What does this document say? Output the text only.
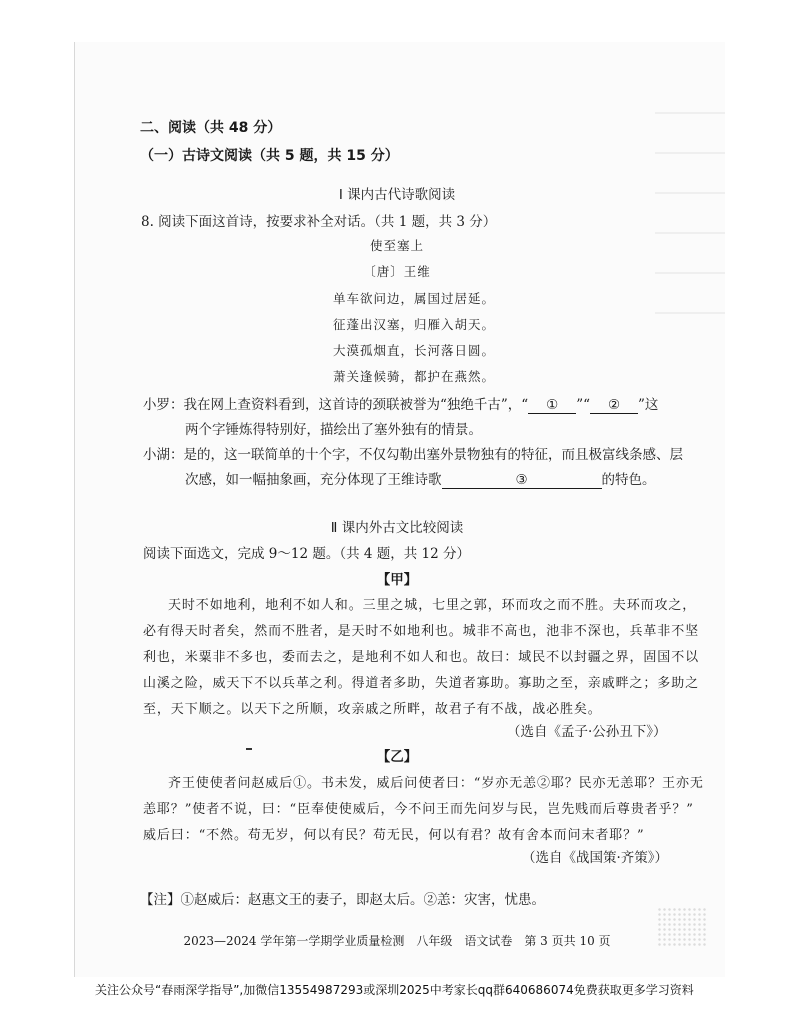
二、阅读（共 48 分）
（一）古诗文阅读（共 5 题，共 15 分）
Ⅰ 课内古代诗歌阅读
8. 阅读下面这首诗，按要求补全对话。（共 1 题，共 3 分）
使至塞上
〔唐〕王维
单车欲问边，属国过居延。
征蓬出汉塞，归雁入胡天。
大漠孤烟直，长河落日圆。
萧关逢候骑，都护在燕然。
小罗：我在网上查资料看到，这首诗的颈联被誉为“独绝千古”，“ ① ”“ ② ”这
两个字锤炼得特别好，描绘出了塞外独有的情景。
小湖：是的，这一联简单的十个字，不仅勾勒出塞外景物独有的特征，而且极富线条感、层
次感，如一幅抽象画，充分体现了王维诗歌	③	的特色。
Ⅱ 课内外古文比较阅读
阅读下面选文，完成 9～12 题。（共 4 题，共 12 分）
【甲】
天时不如地利，地利不如人和。三里之城，七里之郭，环而攻之而不胜。夫环而攻之，
必有得天时者矣，然而不胜者，是天时不如地利也。城非不高也，池非不深也，兵革非不坚
利也，米粟非不多也，委而去之，是地利不如人和也。故曰：域民不以封疆之界，固国不以
山溪之险，威天下不以兵革之利。得道者多助，失道者寡助。寡助之至，亲戚畔之；多助之
至，天下顺之。以天下之所顺，攻亲戚之所畔，故君子有不战，战必胜矣。
（选自《孟子·公孙丑下》）
【乙】
齐王使使者问赵威后①。书未发，威后问使者曰：“岁亦无恙②耶？民亦无恙耶？王亦无
恙耶？”使者不说，曰：“臣奉使使威后，今不问王而先问岁与民，岂先贱而后尊贵者乎？”
威后曰：“不然。苟无岁，何以有民？苟无民，何以有君？故有舍本而问末者耶？”
（选自《战国策·齐策》）
【注】①赵威后：赵惠文王的妻子，即赵太后。②恙：灾害，忧患。
2023—2024 学年第一学期学业质量检测　八年级　语文试卷　第 3 页共 10 页
关注公众号“春雨深学指导”,加微信13554987293或深圳2025中考家长qq群640686074免费获取更多学习资料
